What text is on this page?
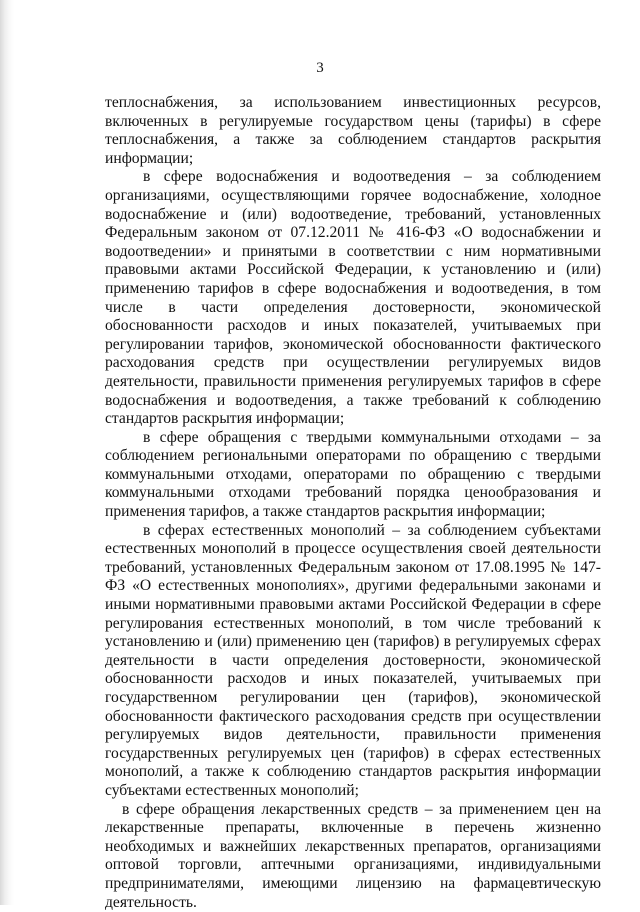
3

теплоснабжения, за использованием инвестиционных ресурсов, включенных в регулируемые государством цены (тарифы) в сфере теплоснабжения, а также за соблюдением стандартов раскрытия информации;

в сфере водоснабжения и водоотведения – за соблюдением организациями, осуществляющими горячее водоснабжение, холодное водоснабжение и (или) водоотведение, требований, установленных Федеральным законом от 07.12.2011 № 416-ФЗ «О водоснабжении и водоотведении» и принятыми в соответствии с ним нормативными правовыми актами Российской Федерации, к установлению и (или) применению тарифов в сфере водоснабжения и водоотведения, в том числе в части определения достоверности, экономической обоснованности расходов и иных показателей, учитываемых при регулировании тарифов, экономической обоснованности фактического расходования средств при осуществлении регулируемых видов деятельности, правильности применения регулируемых тарифов в сфере водоснабжения и водоотведения, а также требований к соблюдению стандартов раскрытия информации;

в сфере обращения с твердыми коммунальными отходами – за соблюдением региональными операторами по обращению с твердыми коммунальными отходами, операторами по обращению с твердыми коммунальными отходами требований порядка ценообразования и применения тарифов, а также стандартов раскрытия информации;

в сферах естественных монополий – за соблюдением субъектами естественных монополий в процессе осуществления своей деятельности требований, установленных Федеральным законом от 17.08.1995 № 147-ФЗ «О естественных монополиях», другими федеральными законами и иными нормативными правовыми актами Российской Федерации в сфере регулирования естественных монополий, в том числе требований к установлению и (или) применению цен (тарифов) в регулируемых сферах деятельности в части определения достоверности, экономической обоснованности расходов и иных показателей, учитываемых при государственном регулировании цен (тарифов), экономической обоснованности фактического расходования средств при осуществлении регулируемых видов деятельности, правильности применения государственных регулируемых цен (тарифов) в сферах естественных монополий, а также к соблюдению стандартов раскрытия информации субъектами естественных монополий;

в сфере обращения лекарственных средств – за применением цен на лекарственные препараты, включенные в перечень жизненно необходимых и важнейших лекарственных препаратов, организациями оптовой торговли, аптечными организациями, индивидуальными предпринимателями, имеющими лицензию на фармацевтическую деятельность.
